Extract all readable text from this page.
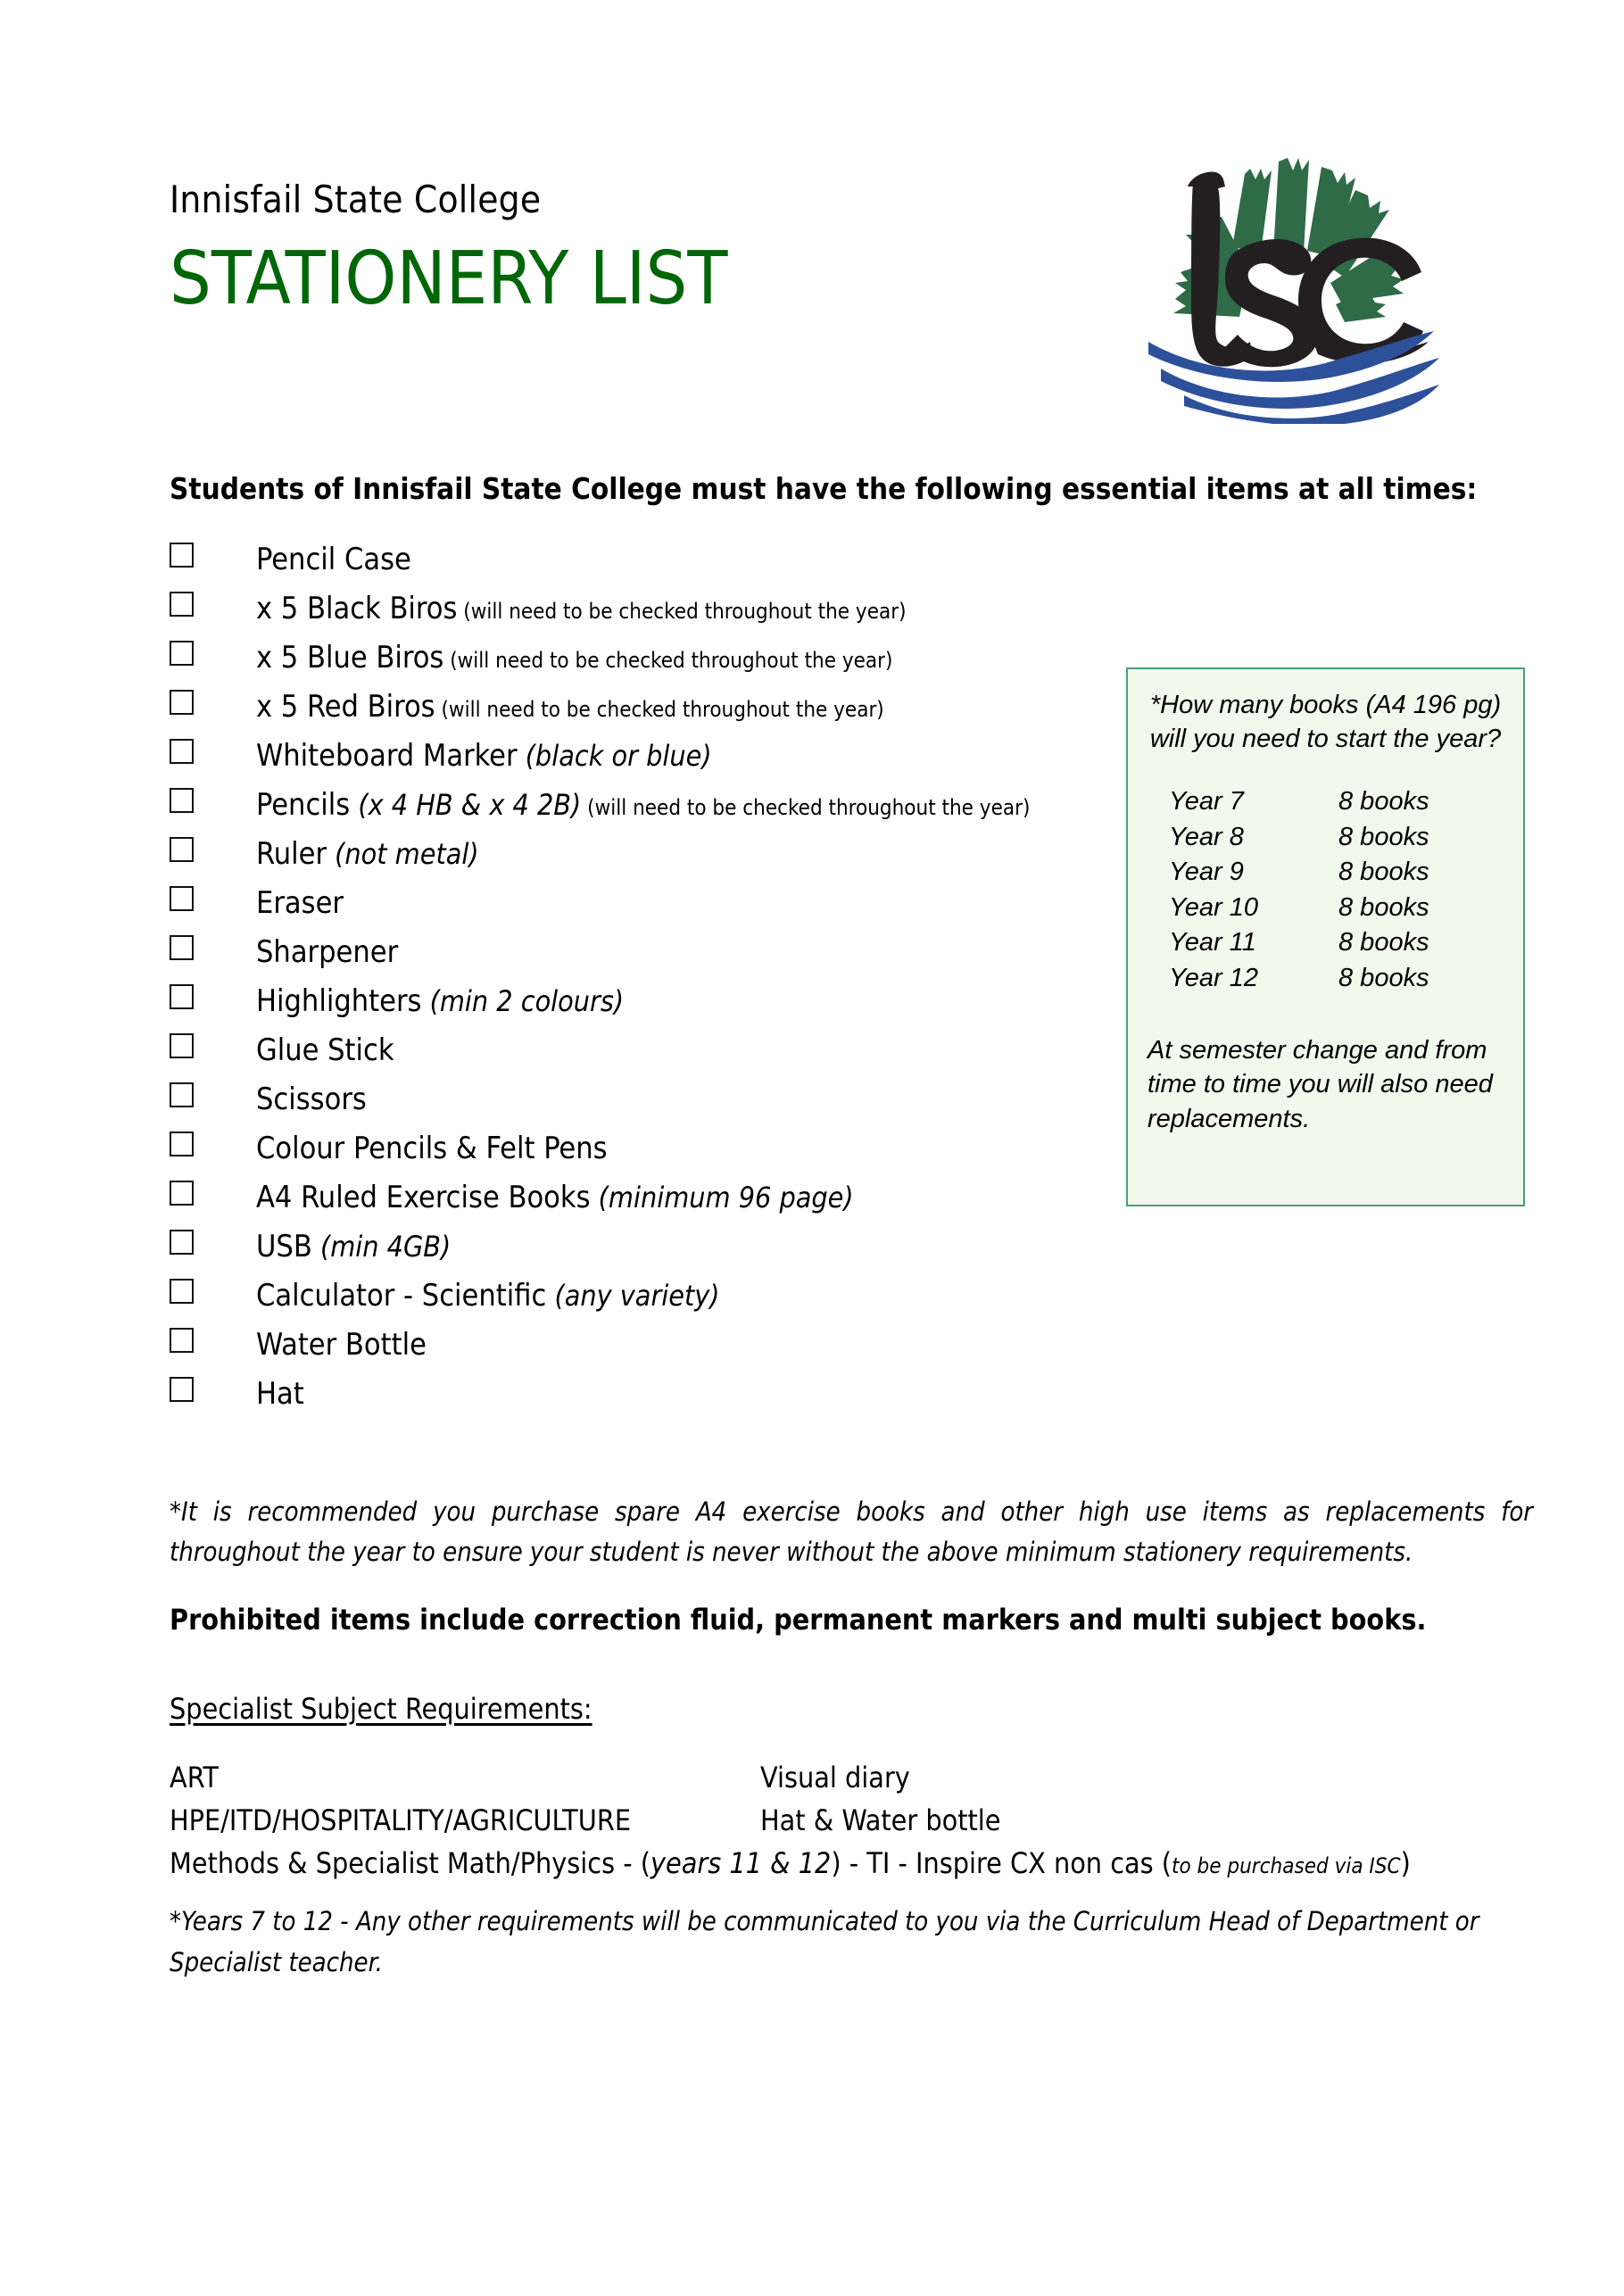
Innisfail State College
STATIONERY LIST
Students of Innisfail State College must have the following essential items at all times:
Pencil Case
x 5 Black Biros (will need to be checked throughout the year)
x 5 Blue Biros (will need to be checked throughout the year)
x 5 Red Biros (will need to be checked throughout the year)
Whiteboard Marker (black or blue)
Pencils (x 4 HB & x 4 2B) (will need to be checked throughout the year)
Ruler (not metal)
Eraser
Sharpener
Highlighters (min 2 colours)
Glue Stick
Scissors
Colour Pencils & Felt Pens
A4 Ruled Exercise Books (minimum 96 page)
USB (min 4GB)
Calculator - Scientific (any variety)
Water Bottle
Hat
*How many books (A4 196 pg) will you need to start the year?
Year 7	8 books
Year 8	8 books
Year 9	8 books
Year 10	8 books
Year 11	8 books
Year 12	8 books
At semester change and from time to time you will also need replacements.
*It is recommended you purchase spare A4 exercise books and other high use items as replacements for throughout the year to ensure your student is never without the above minimum stationery requirements.
Prohibited items include correction fluid, permanent markers and multi subject books.
Specialist Subject Requirements:
ART	Visual diary
HPE/ITD/HOSPITALITY/AGRICULTURE	Hat & Water bottle
Methods & Specialist Math/Physics - (years 11 & 12) - TI - Inspire CX non cas (to be purchased via ISC)
*Years 7 to 12 - Any other requirements will be communicated to you via the Curriculum Head of Department or Specialist teacher.
